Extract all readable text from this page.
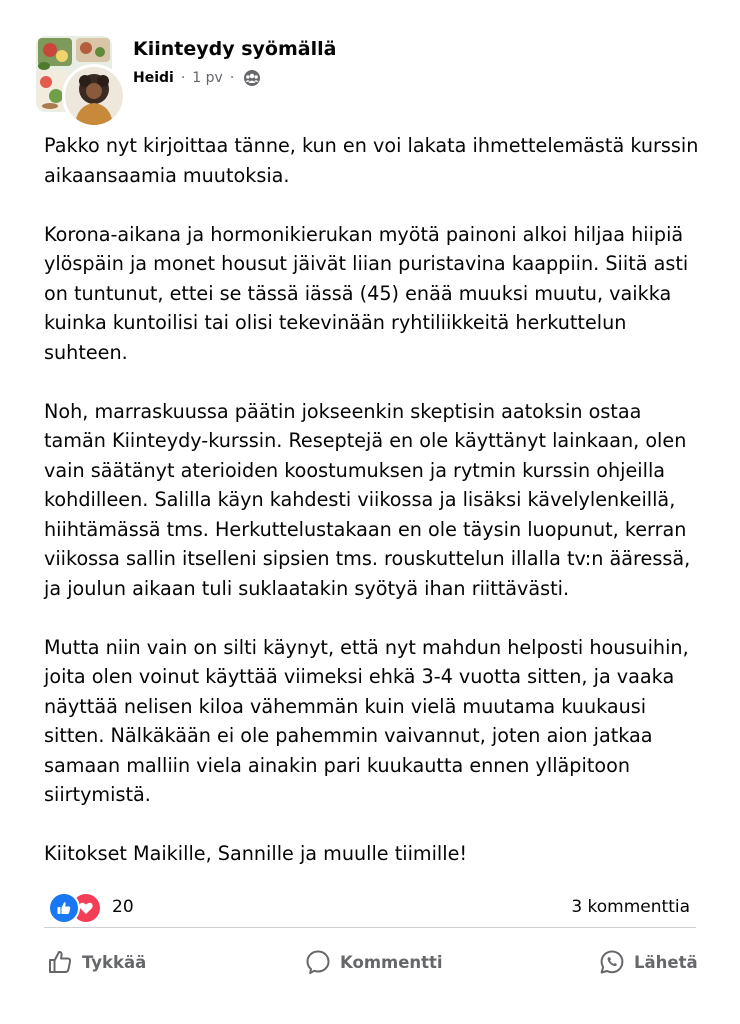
Kiinteydy syömällä
Heidi · 1 pv ·

Pakko nyt kirjoittaa tänne, kun en voi lakata ihmettelemästä kurssin aikaansaamia muutoksia.

Korona-aikana ja hormonikierukan myötä painoni alkoi hiljaa hiipiä ylöspäin ja monet housut jäivät liian puristavina kaappiin. Siitä asti on tuntunut, ettei se tässä iässä (45) enää muuksi muutu, vaikka kuinka kuntoilisi tai olisi tekevinään ryhtiliikkeitä herkuttelun suhteen.

Noh, marraskuussa päätin jokseenkin skeptisin aatoksin ostaa tamän Kiinteydy-kurssin. Reseptejä en ole käyttänyt lainkaan, olen vain säätänyt aterioiden koostumuksen ja rytmin kurssin ohjeilla kohdilleen. Salilla käyn kahdesti viikossa ja lisäksi kävelylenkeillä, hiihtämässä tms. Herkuttelustakaan en ole täysin luopunut, kerran viikossa sallin itselleni sipsien tms. rouskuttelun illalla tv:n ääressä, ja joulun aikaan tuli suklaatakin syötyä ihan riittävästi.

Mutta niin vain on silti käynyt, että nyt mahdun helposti housuihin, joita olen voinut käyttää viimeksi ehkä 3-4 vuotta sitten, ja vaaka näyttää nelisen kiloa vähemmän kuin vielä muutama kuukausi sitten. Nälkäkään ei ole pahemmin vaivannut, joten aion jatkaa samaan malliin viela ainakin pari kuukautta ennen ylläpitoon siirtymistä.

Kiitokset Maikille, Sannille ja muulle tiimille!

20	3 kommenttia
Tykkää	Kommentti	Lähetä
